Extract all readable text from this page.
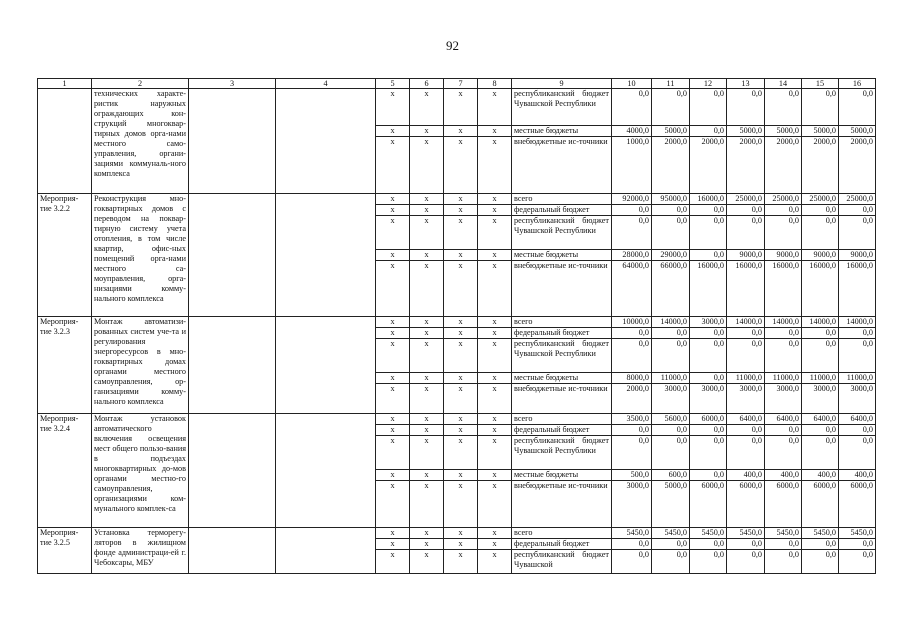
92
1	2	3	4	5	6	7	8	9	10	11	12	13	14	15	16
	технических характе-ристик наружных ограждающих кон-струкций многоквар-тирных домов орга-нами местного само-управления, органи-зациями коммуналь-ного комплекса			x	x	x	x	республиканский бюджет Чувашской Республики	0,0	0,0	0,0	0,0	0,0	0,0	0,0
				x	x	x	x	местные бюджеты	4000,0	5000,0	0,0	5000,0	5000,0	5000,0	5000,0
				x	x	x	x	внебюджетные ис-точники	1000,0	2000,0	2000,0	2000,0	2000,0	2000,0	2000,0
Мероприя-тие 3.2.2	Реконструкция мно-гоквартирных домов с переводом на поквар-тирную систему учета отопления, в том числе квартир, офис-ных помещений орга-нами местного са-моуправления, орга-низациями комму-нального комплекса			x	x	x	x	всего	92000,0	95000,0	16000,0	25000,0	25000,0	25000,0	25000,0
				x	x	x	x	федеральный бюджет	0,0	0,0	0,0	0,0	0,0	0,0	0,0
				x	x	x	x	республиканский бюджет Чувашской Республики	0,0	0,0	0,0	0,0	0,0	0,0	0,0
				x	x	x	x	местные бюджеты	28000,0	29000,0	0,0	9000,0	9000,0	9000,0	9000,0
				x	x	x	x	внебюджетные ис-точники	64000,0	66000,0	16000,0	16000,0	16000,0	16000,0	16000,0
Мероприя-тие 3.2.3	Монтаж автоматизи-рованных систем уче-та и регулирования энергоресурсов в мно-гоквартирных домах органами местного самоуправления, ор-ганизациями комму-нального комплекса			x	x	x	x	всего	10000,0	14000,0	3000,0	14000,0	14000,0	14000,0	14000,0
				x	x	x	x	федеральный бюджет	0,0	0,0	0,0	0,0	0,0	0,0	0,0
				x	x	x	x	республиканский бюджет Чувашской Республики	0,0	0,0	0,0	0,0	0,0	0,0	0,0
				x	x	x	x	местные бюджеты	8000,0	11000,0	0,0	11000,0	11000,0	11000,0	11000,0
				x	x	x	x	внебюджетные ис-точники	2000,0	3000,0	3000,0	3000,0	3000,0	3000,0	3000,0
Мероприя-тие 3.2.4	Монтаж установок автоматического включения освещения мест общего пользо-вания в подъездах многоквартирных до-мов органами местно-го самоуправления, организациями ком-мунального комплек-са			x	x	x	x	всего	3500,0	5600,0	6000,0	6400,0	6400,0	6400,0	6400,0
				x	x	x	x	федеральный бюджет	0,0	0,0	0,0	0,0	0,0	0,0	0,0
				x	x	x	x	республиканский бюджет Чувашской Республики	0,0	0,0	0,0	0,0	0,0	0,0	0,0
				x	x	x	x	местные бюджеты	500,0	600,0	0,0	400,0	400,0	400,0	400,0
				x	x	x	x	внебюджетные ис-точники	3000,0	5000,0	6000,0	6000,0	6000,0	6000,0	6000,0
Мероприя-тие 3.2.5	Установка терморегу-ляторов в жилищном фонде администраци-ей г. Чебоксары, МБУ			x	x	x	x	всего	5450,0	5450,0	5450,0	5450,0	5450,0	5450,0	5450,0
				x	x	x	x	федеральный бюджет	0,0	0,0	0,0	0,0	0,0	0,0	0,0
				x	x	x	x	республиканский бюджет Чувашской	0,0	0,0	0,0	0,0	0,0	0,0	0,0
